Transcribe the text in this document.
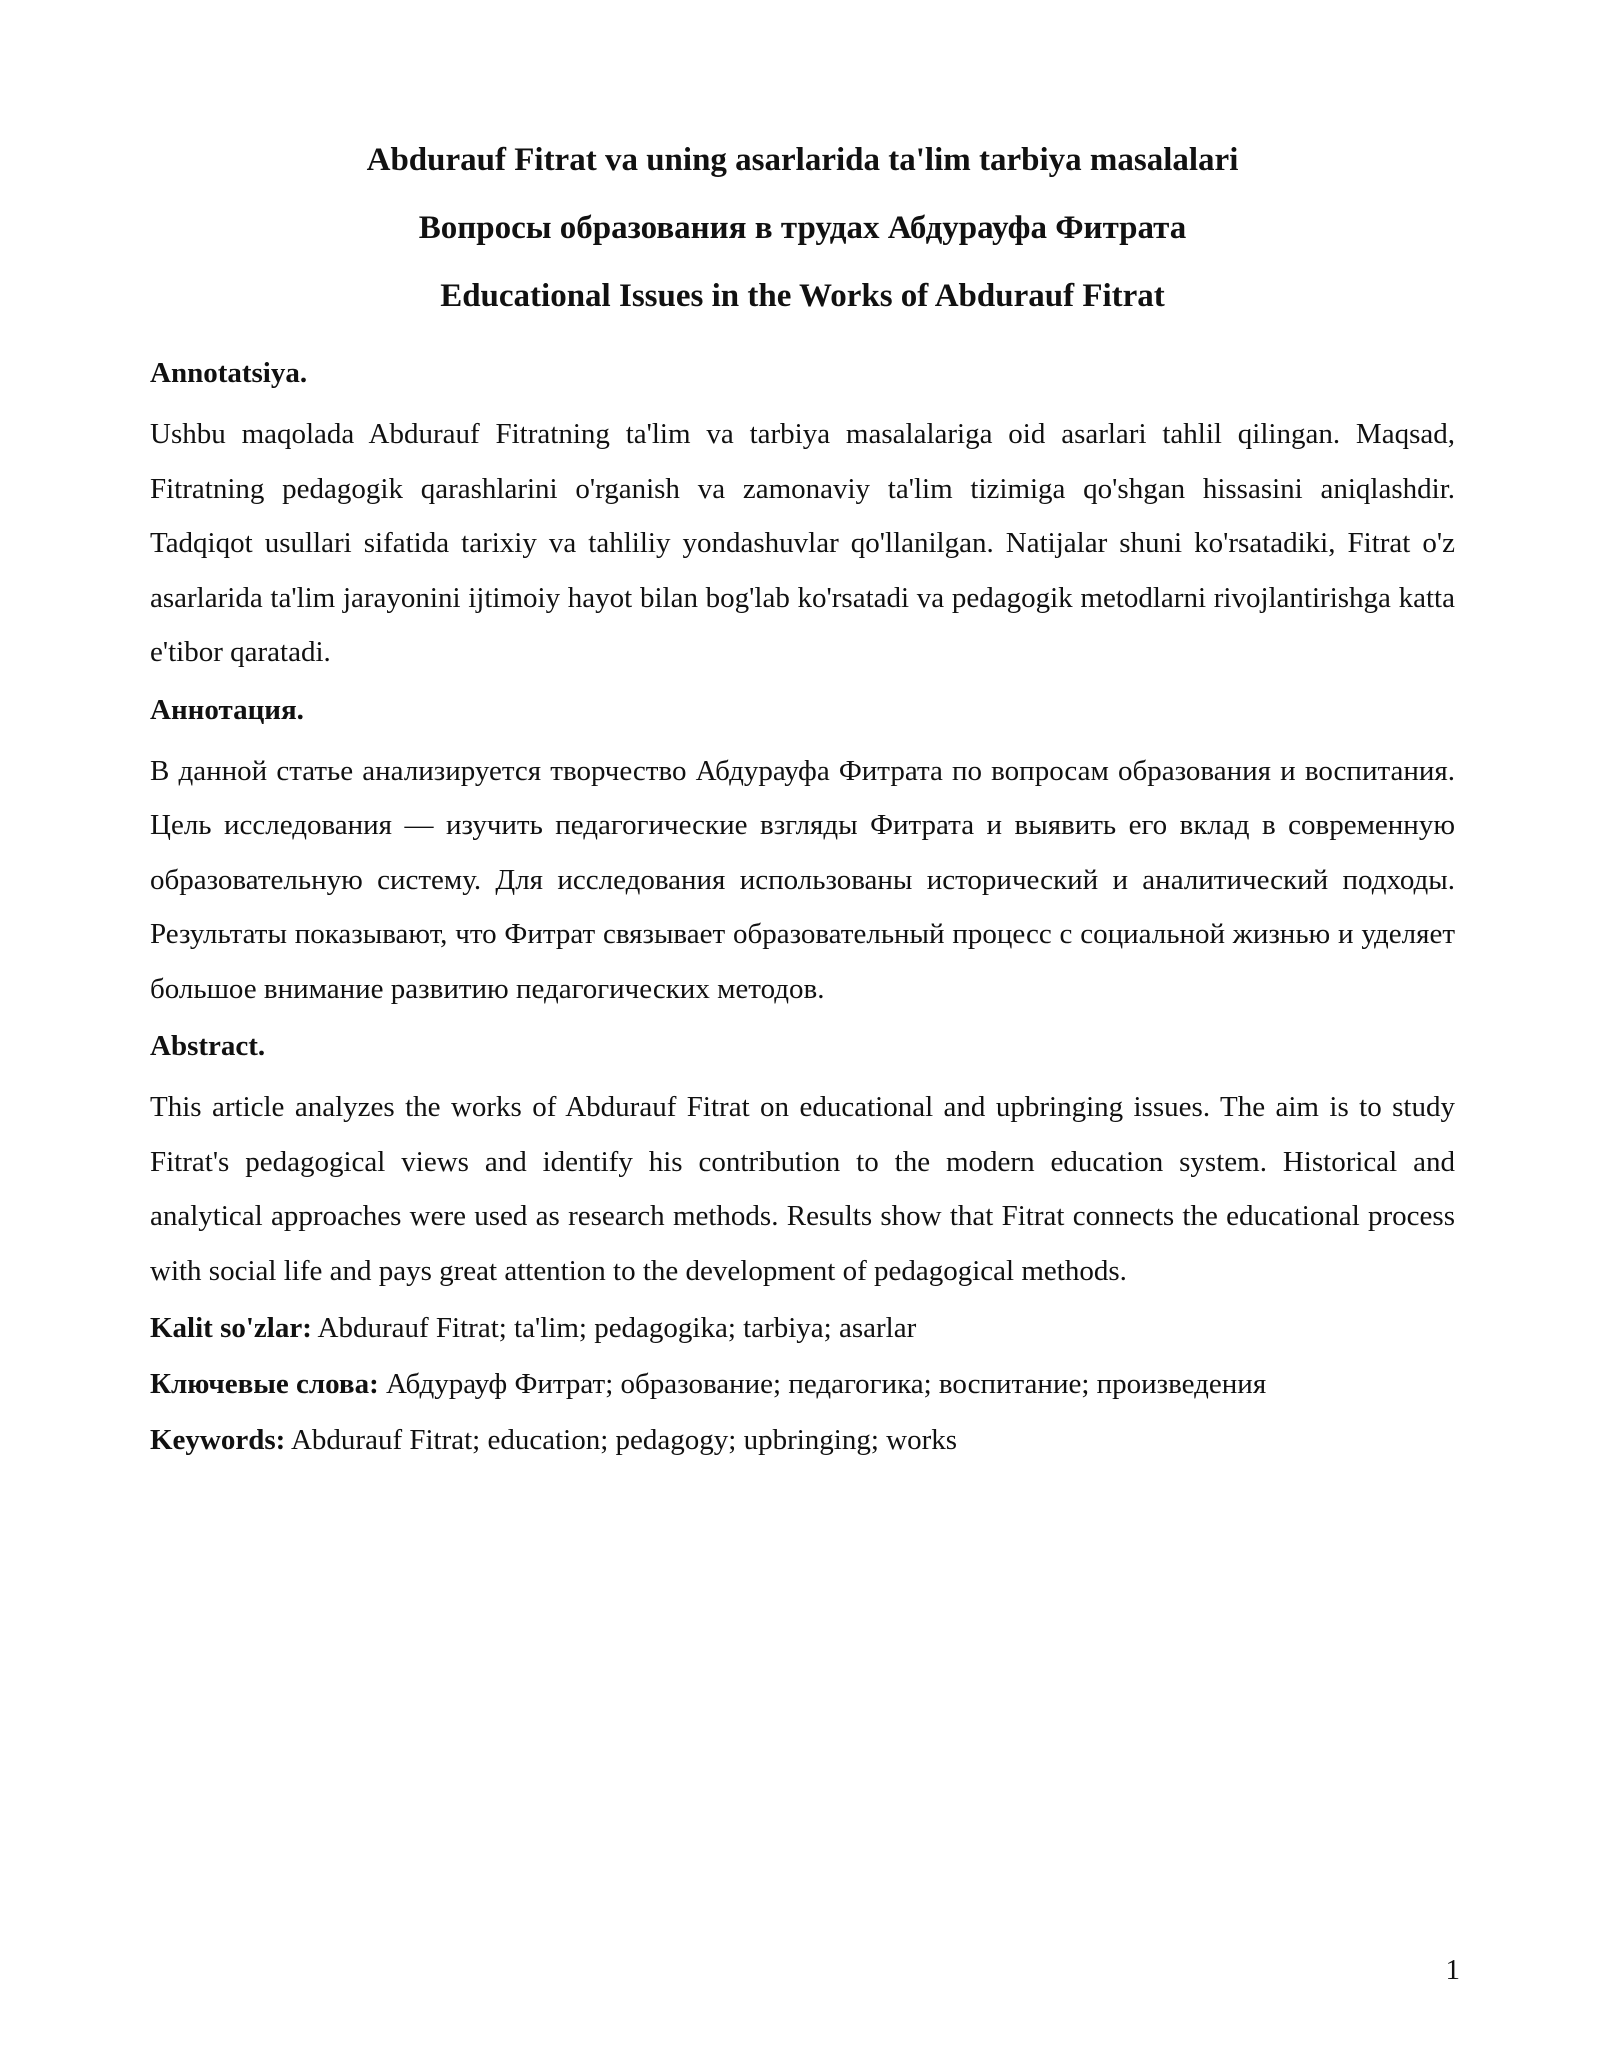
Abdurauf Fitrat va uning asarlarida ta'lim tarbiya masalalari
Вопросы образования в трудах Абдурауфа Фитрата
Educational Issues in the Works of Abdurauf Fitrat
Annotatsiya.
Ushbu maqolada Abdurauf Fitratning ta'lim va tarbiya masalalariga oid asarlari tahlil qilingan. Maqsad, Fitratning pedagogik qarashlarini o'rganish va zamonaviy ta'lim tizimiga qo'shgan hissasini aniqlashdir. Tadqiqot usullari sifatida tarixiy va tahliliy yondashuvlar qo'llanilgan. Natijalar shuni ko'rsatadiki, Fitrat o'z asarlarida ta'lim jarayonini ijtimoiy hayot bilan bog'lab ko'rsatadi va pedagogik metodlarni rivojlantirishga katta e'tibor qaratadi.
Аннотация.
В данной статье анализируется творчество Абдурауфа Фитрата по вопросам образования и воспитания. Цель исследования — изучить педагогические взгляды Фитрата и выявить его вклад в современную образовательную систему. Для исследования использованы исторический и аналитический подходы. Результаты показывают, что Фитрат связывает образовательный процесс с социальной жизнью и уделяет большое внимание развитию педагогических методов.
Abstract.
This article analyzes the works of Abdurauf Fitrat on educational and upbringing issues. The aim is to study Fitrat's pedagogical views and identify his contribution to the modern education system. Historical and analytical approaches were used as research methods. Results show that Fitrat connects the educational process with social life and pays great attention to the development of pedagogical methods.
Kalit so'zlar: Abdurauf Fitrat; ta'lim; pedagogika; tarbiya; asarlar
Ключевые слова: Абдурауф Фитрат; образование; педагогика; воспитание; произведения
Keywords: Abdurauf Fitrat; education; pedagogy; upbringing; works
1
